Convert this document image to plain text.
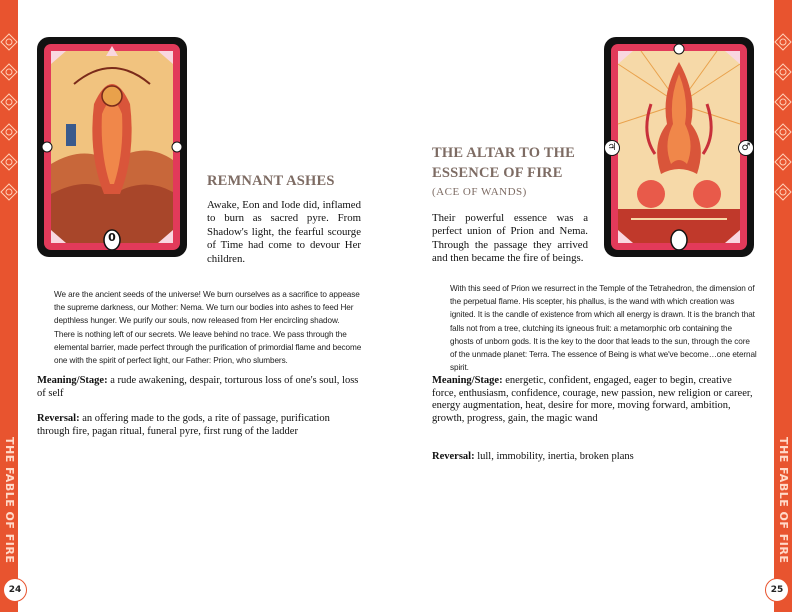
THE FABLE OF FIRE
24
THE FABLE OF FIRE
25
0
REMNANT ASHES

Awake, Eon and Iode did, inflamed to burn as sacred pyre. From Shadow's light, the fearful scourge of Time had come to devour Her children.

We are the ancient seeds of the universe! We burn ourselves as a sacrifice to appease the supreme darkness, our Mother: Nema. We turn our bodies into ashes to feed Her depthless hunger. We purify our souls, now released from Her encircling shadow. There is nothing left of our secrets. We leave behind no trace. We pass through the elemental barrier, made perfect through the purification of primordial flame and become one with the spirit of perfect light, our Father: Prion, who slumbers.

Meaning/Stage: a rude awakening, despair, torturous loss of one's soul, loss of self

Reversal: an offering made to the gods, a rite of passage, purification through fire, pagan ritual, funeral pyre, first rung of the ladder

♃	♂
THE ALTAR TO THE
ESSENCE OF FIRE

(ACE OF WANDS)

Their powerful essence was a perfect union of Prion and Nema. Through the passage they arrived and then became the fire of beings.

With this seed of Prion we resurrect in the Temple of the Tetrahedron, the dimension of the perpetual flame. His scepter, his phallus, is the wand with which creation was ignited. It is the candle of existence from which all energy is drawn. It is the branch that falls not from a tree, clutching its igneous fruit: a metamorphic orb containing the ghosts of unborn gods. It is the key to the door that leads to the sun, through the core of the unmade planet: Terra. The essence of Being is what we've become…one eternal spirit.

Meaning/Stage: energetic, confident, engaged, eager to begin, creative force, enthusiasm, confidence, courage, new passion, new religion or career, energy augmentation, heat, desire for more, moving forward, ambition, growth, progress, gain, the magic wand

Reversal: lull, immobility, inertia, broken plans
